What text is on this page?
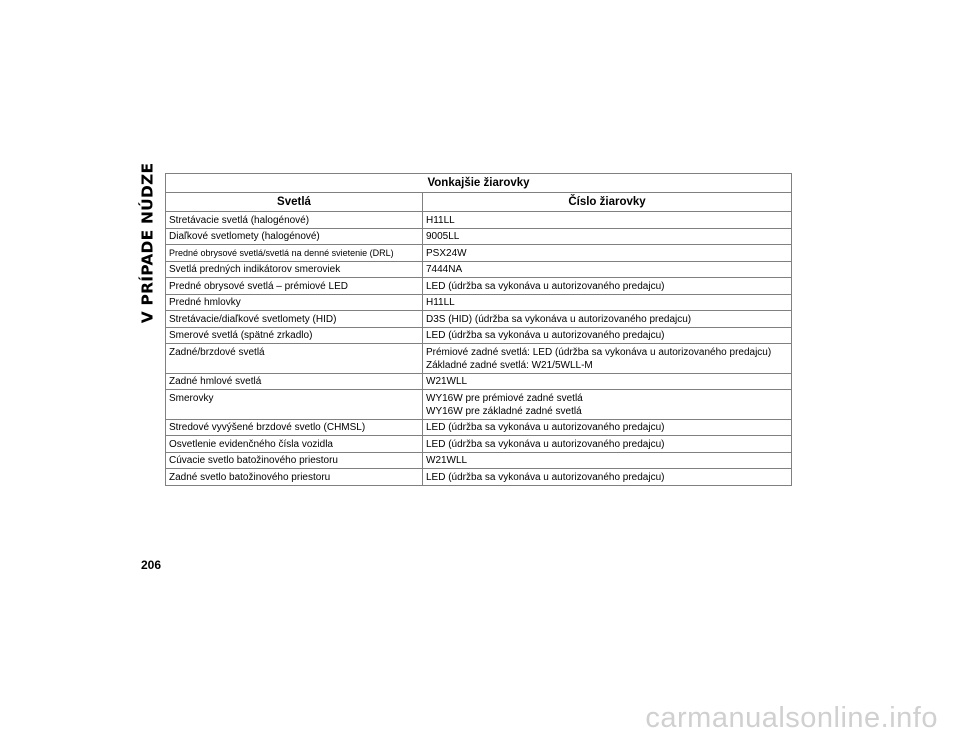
V PRÍPADE NÚDZE	Vonkajšie žiarovky	
Svetlá	Číslo žiarovky
Stretávacie svetlá (halogénové)	H11LL

Diaľkové svetlomety (halogénové)	9005LL

Predné obrysové svetlá/svetlá na denné svietenie (DRL)	PSX24W

Svetlá predných indikátorov smeroviek	7444NA

Predné obrysové svetlá – prémiové LED	LED (údržba sa vykonáva u autorizovaného predajcu)

Predné hmlovky	H11LL

Stretávacie/diaľkové svetlomety (HID)	D3S (HID) (údržba sa vykonáva u autorizovaného predajcu)

Smerové svetlá (spätné zrkadlo)	LED (údržba sa vykonáva u autorizovaného predajcu)

Zadné/brzdové svetlá	Prémiové zadné svetlá: LED (údržba sa vykonáva u autorizovaného predajcu)
Základné zadné svetlá: W21/5WLL-M

Zadné hmlové svetlá	W21WLL

Smerovky	WY16W pre prémiové zadné svetlá
WY16W pre základné zadné svetlá

Stredové vyvýšené brzdové svetlo (CHMSL)	LED (údržba sa vykonáva u autorizovaného predajcu)

Osvetlenie evidenčného čísla vozidla	LED (údržba sa vykonáva u autorizovaného predajcu)

Cúvacie svetlo batožinového priestoru	W21WLL

Zadné svetlo batožinového priestoru	LED (údržba sa vykonáva u autorizovaného predajcu)
206
carmanualsonline.info
